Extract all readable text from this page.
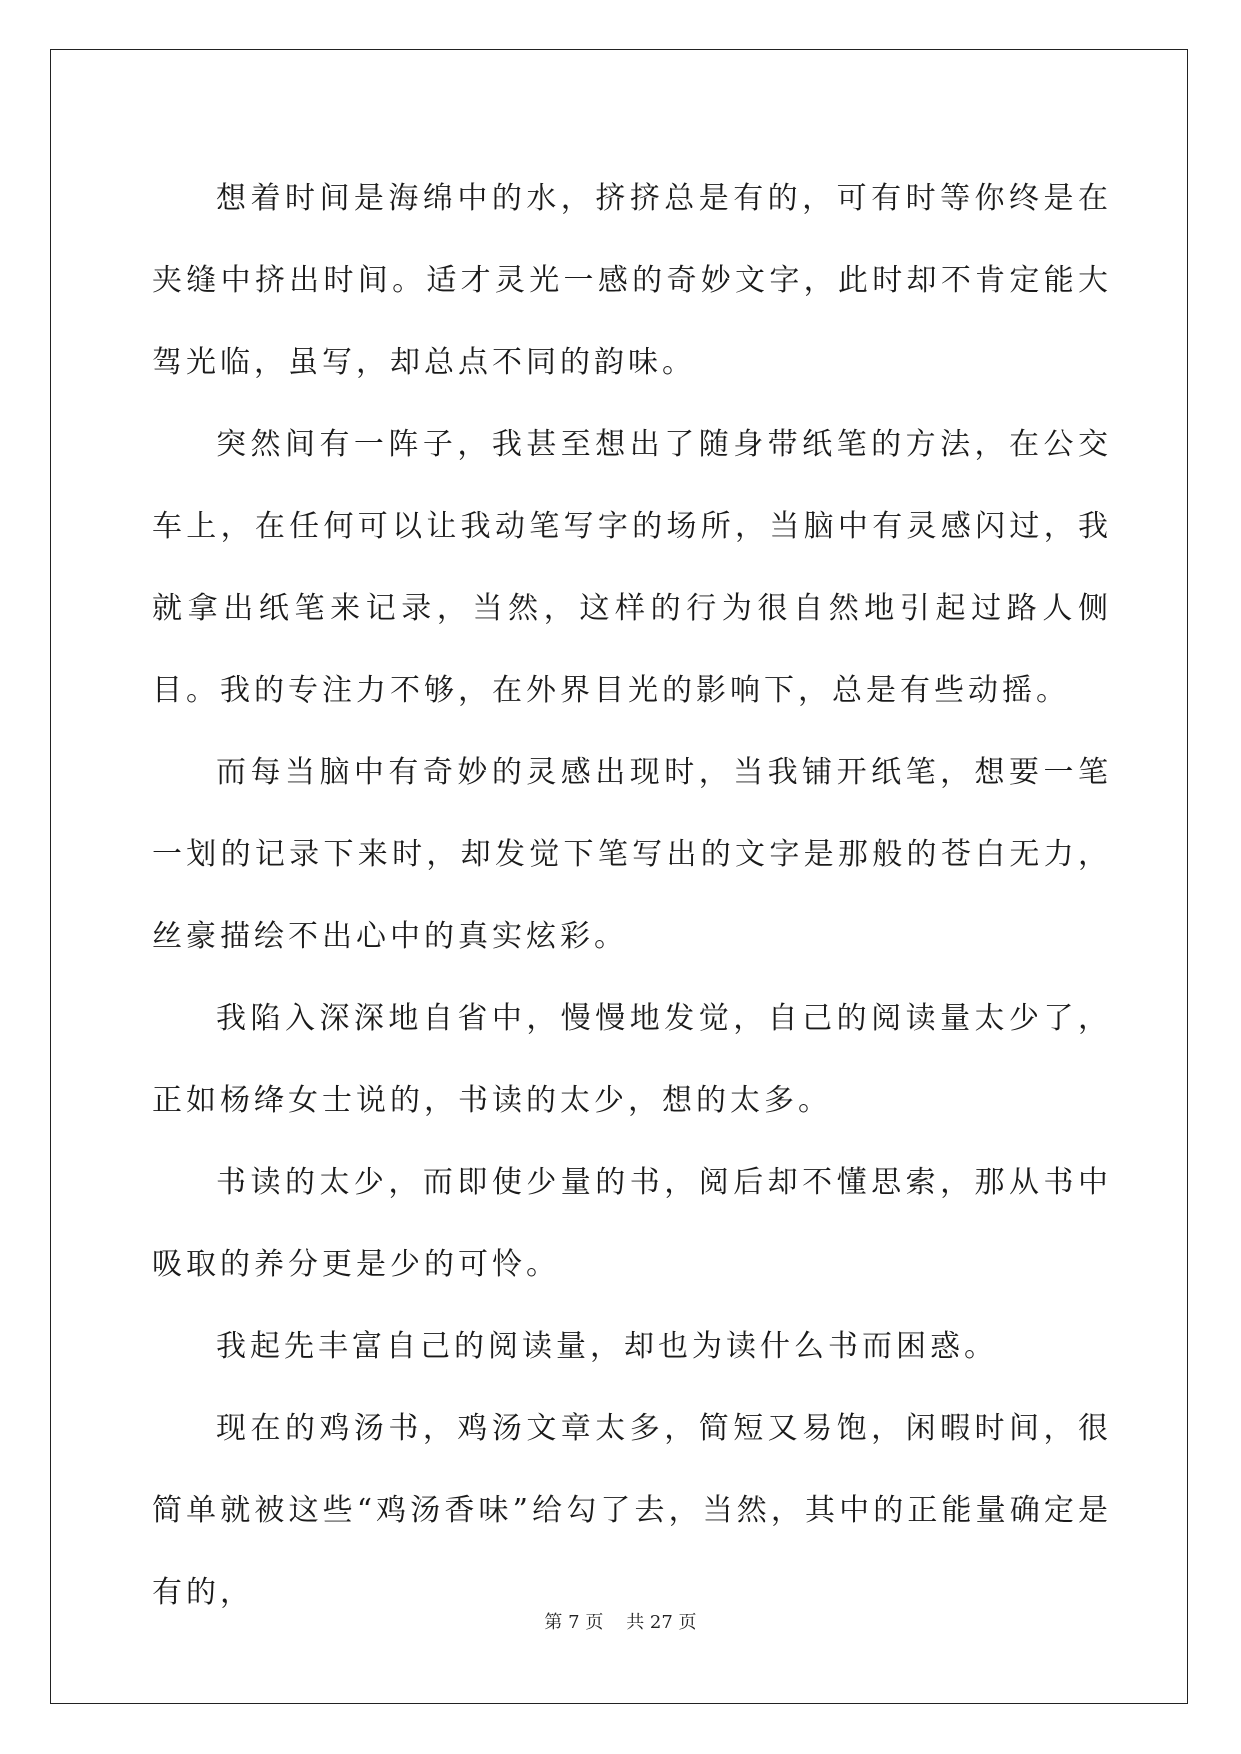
想着时间是海绵中的水，挤挤总是有的，可有时等你终是在夹缝中挤出时间。适才灵光一感的奇妙文字，此时却不肯定能大驾光临，虽写，却总点不同的韵味。

突然间有一阵子，我甚至想出了随身带纸笔的方法，在公交车上，在任何可以让我动笔写字的场所，当脑中有灵感闪过，我就拿出纸笔来记录，当然，这样的行为很自然地引起过路人侧目。我的专注力不够，在外界目光的影响下，总是有些动摇。

而每当脑中有奇妙的灵感出现时，当我铺开纸笔，想要一笔一划的记录下来时，却发觉下笔写出的文字是那般的苍白无力，丝豪描绘不出心中的真实炫彩。

我陷入深深地自省中，慢慢地发觉，自己的阅读量太少了，正如杨绛女士说的，书读的太少，想的太多。

书读的太少，而即使少量的书，阅后却不懂思索，那从书中吸取的养分更是少的可怜。

我起先丰富自己的阅读量，却也为读什么书而困惑。

现在的鸡汤书，鸡汤文章太多，简短又易饱，闲暇时间，很简单就被这些“鸡汤香味”给勾了去，当然，其中的正能量确定是有的，

第 7 页    共 27 页
